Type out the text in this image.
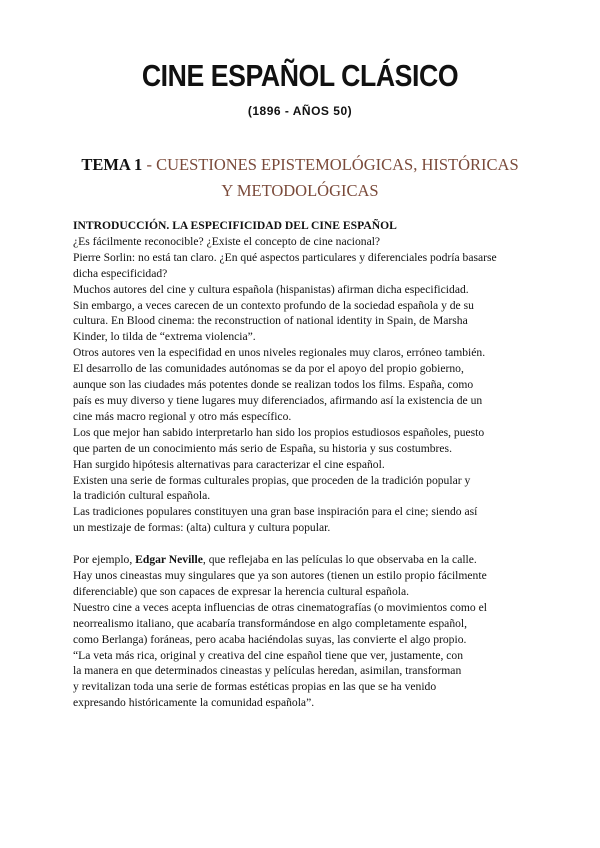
CINE ESPAÑOL CLÁSICO
(1896 - AÑOS 50)
TEMA 1 - CUESTIONES EPISTEMOLÓGICAS, HISTÓRICAS
Y METODOLÓGICAS
INTRODUCCIÓN. LA ESPECIFICIDAD DEL CINE ESPAÑOL
¿Es fácilmente reconocible? ¿Existe el concepto de cine nacional?
Pierre Sorlin: no está tan claro. ¿En qué aspectos particulares y diferenciales podría basarse
dicha especificidad?
Muchos autores del cine y cultura española (hispanistas) afirman dicha especificidad.
Sin embargo, a veces carecen de un contexto profundo de la sociedad española y de su
cultura. En Blood cinema: the reconstruction of national identity in Spain, de Marsha
Kinder, lo tilda de “extrema violencia”.
Otros autores ven la especifidad en unos niveles regionales muy claros, erróneo también.
El desarrollo de las comunidades autónomas se da por el apoyo del propio gobierno,
aunque son las ciudades más potentes donde se realizan todos los films. España, como
país es muy diverso y tiene lugares muy diferenciados, afirmando así la existencia de un
cine más macro regional y otro más específico.
Los que mejor han sabido interpretarlo han sido los propios estudiosos españoles, puesto
que parten de un conocimiento más serio de España, su historia y sus costumbres.
Han surgido hipótesis alternativas para caracterizar el cine español.
Existen una serie de formas culturales propias, que proceden de la tradición popular y
la tradición cultural española.
Las tradiciones populares constituyen una gran base inspiración para el cine; siendo así
un mestizaje de formas: (alta) cultura y cultura popular.
Por ejemplo, Edgar Neville, que reflejaba en las películas lo que observaba en la calle.
Hay unos cineastas muy singulares que ya son autores (tienen un estilo propio fácilmente
diferenciable) que son capaces de expresar la herencia cultural española.
Nuestro cine a veces acepta influencias de otras cinematografías (o movimientos como el
neorrealismo italiano, que acabaría transformándose en algo completamente español,
como Berlanga) foráneas, pero acaba haciéndolas suyas, las convierte el algo propio.
“La veta más rica, original y creativa del cine español tiene que ver, justamente, con
la manera en que determinados cineastas y películas heredan, asimilan, transforman
y revitalizan toda una serie de formas estéticas propias en las que se ha venido
expresando históricamente la comunidad española”.
